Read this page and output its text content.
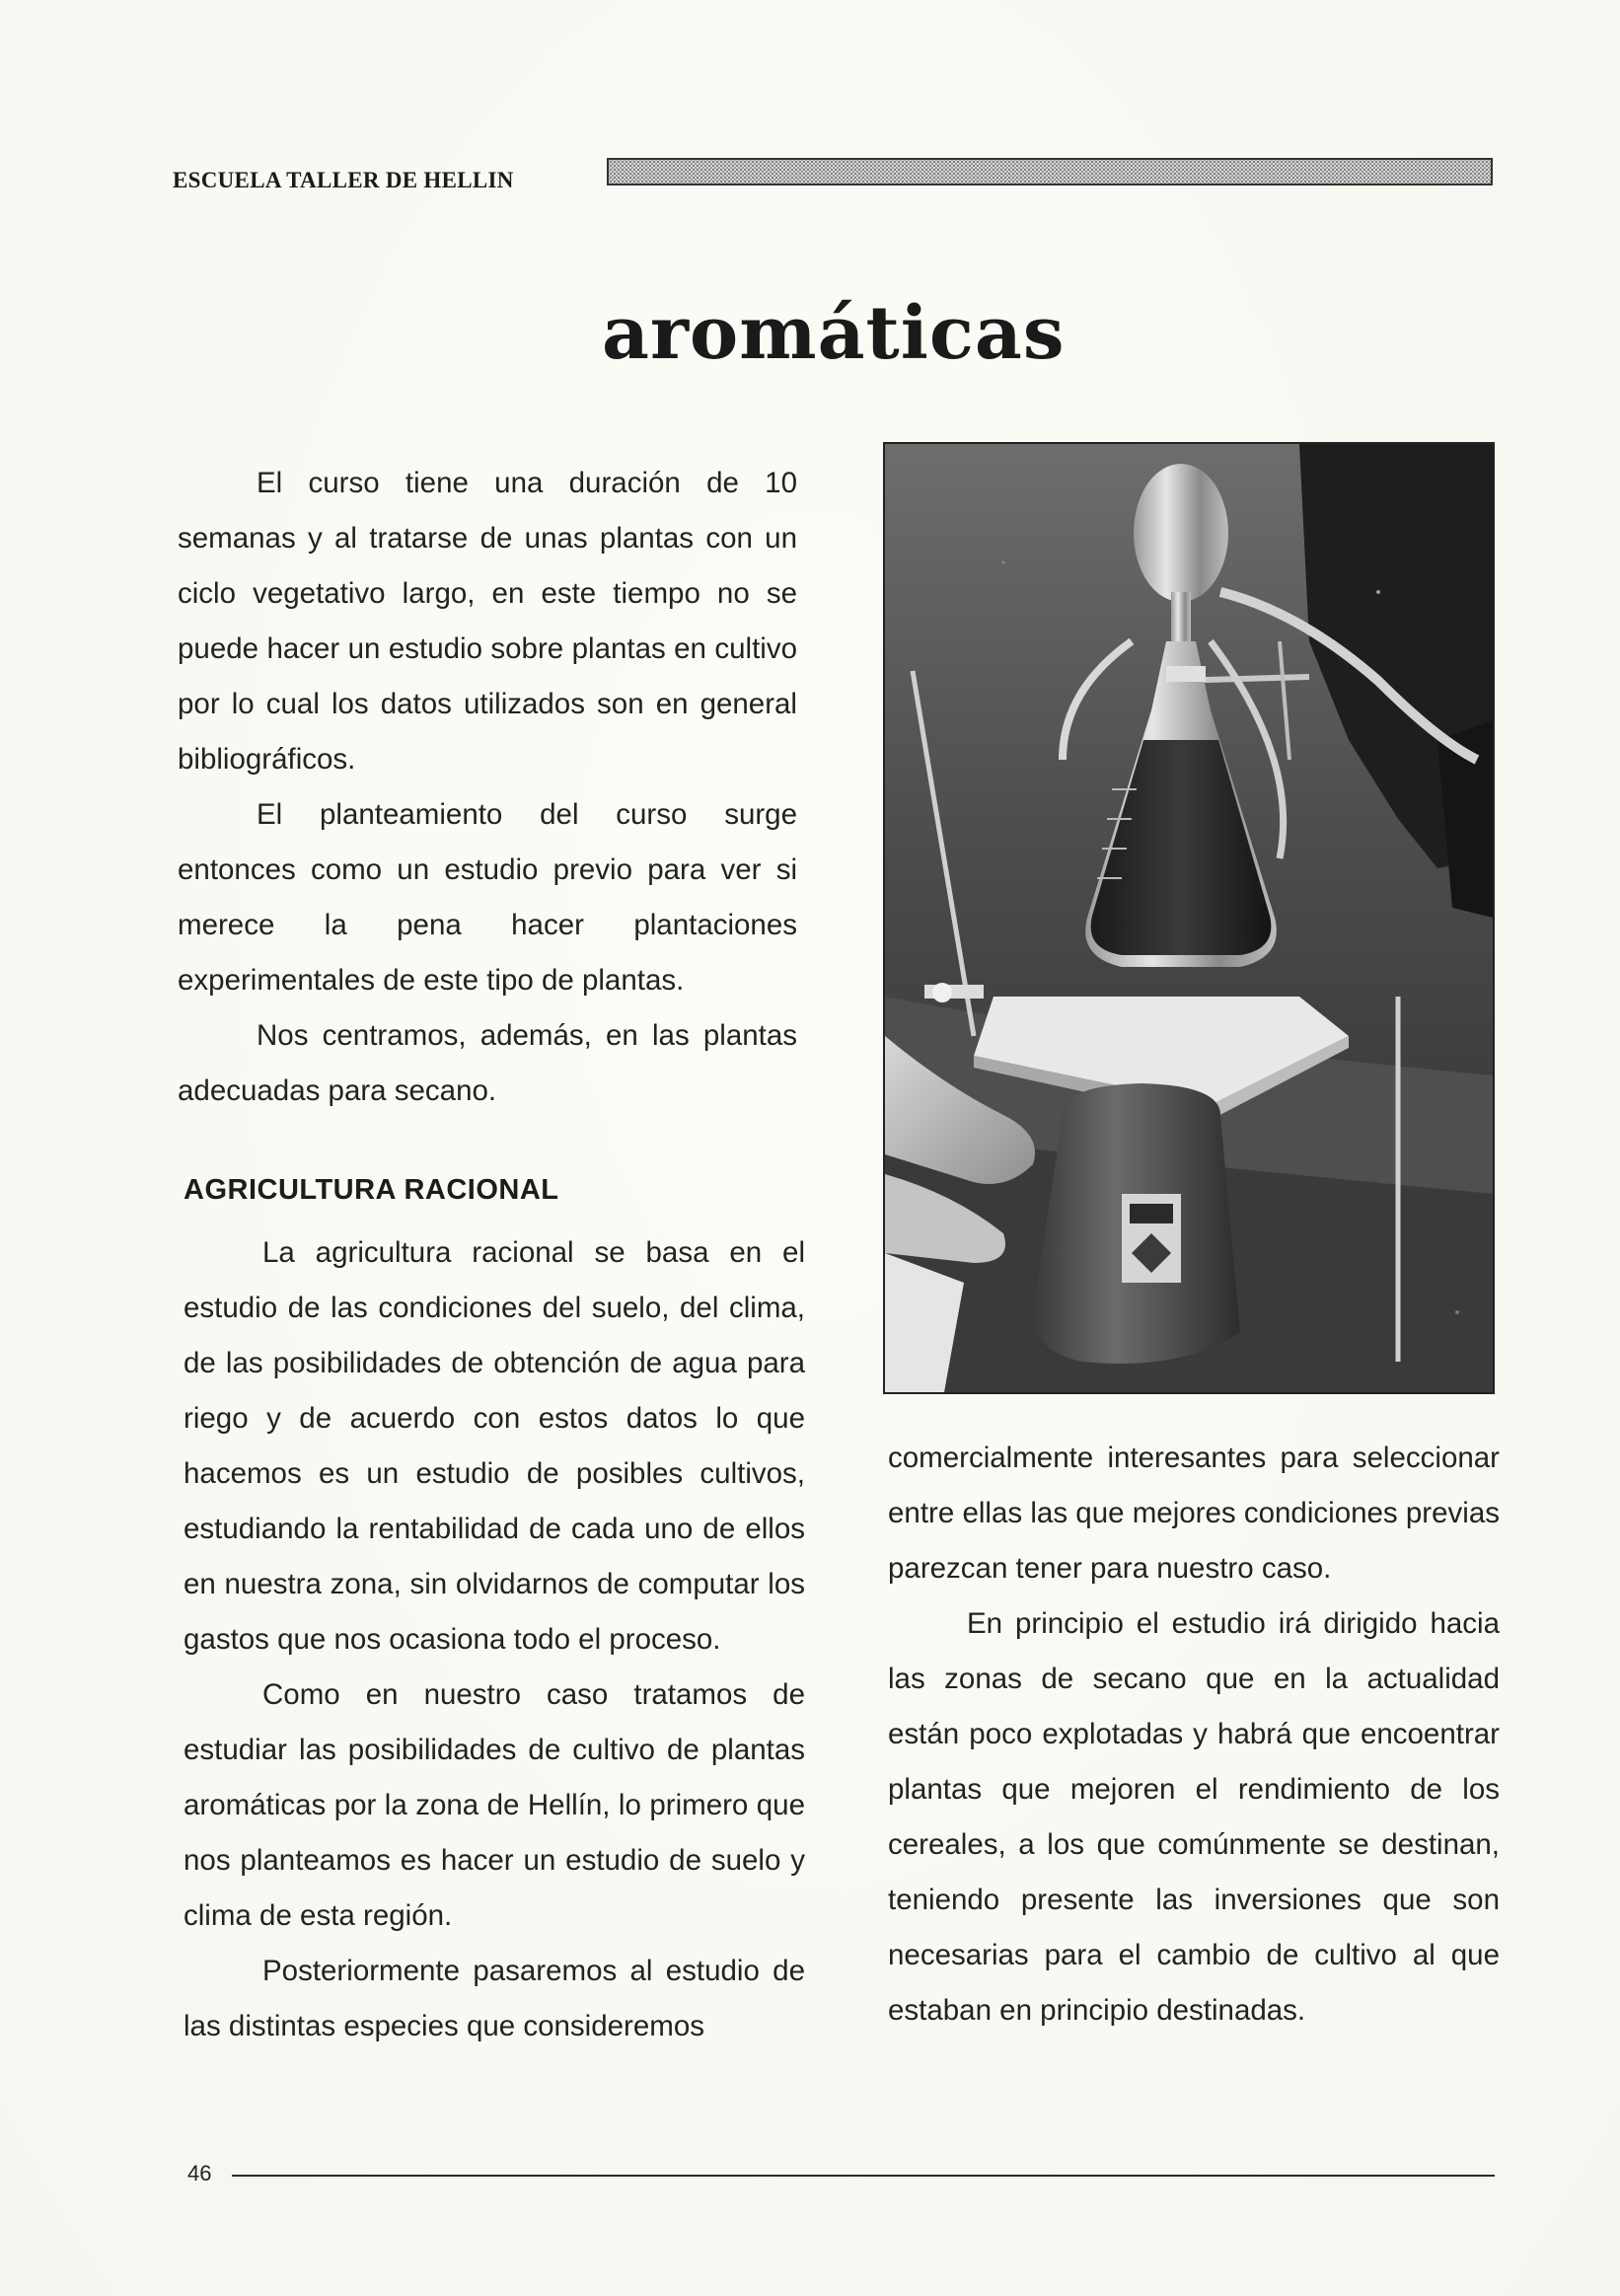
ESCUELA TALLER DE HELLIN
aromáticas

El curso tiene una duración de 10 semanas y al tratarse de unas plantas con un ciclo vegetativo largo, en este tiempo no se puede hacer un estudio sobre plantas en cultivo por lo cual los datos utilizados son en general bibliográficos.

El planteamiento del curso surge entonces como un estudio previo para ver si merece la pena hacer plantaciones experimentales de este tipo de plantas.

Nos centramos, además, en las plantas adecuadas para secano.

AGRICULTURA RACIONAL

La agricultura racional se basa en el estudio de las condiciones del suelo, del clima, de las posibilidades de obtención de agua para riego y de acuerdo con estos datos lo que hacemos es un estudio de posibles cultivos, estudiando la rentabilidad de cada uno de ellos en nuestra zona, sin olvidarnos de computar los gastos que nos ocasiona todo el proceso.

Como en nuestro caso tratamos de estudiar las posibilidades de cultivo de plantas aromáticas por la zona de Hellín, lo primero que nos planteamos es hacer un estudio de suelo y clima de esta región.

Posteriormente pasaremos al estudio de las distintas especies que consideremos

comercialmente interesantes para seleccionar entre ellas las que mejores condiciones previas parezcan tener para nuestro caso.

En principio el estudio irá dirigido hacia las zonas de secano que en la actualidad están poco explotadas y habrá que encoentrar plantas que mejoren el rendimiento de los cereales, a los que comúnmente se destinan, teniendo presente las inversiones que son necesarias para el cambio de cultivo al que estaban en principio destinadas.

46
